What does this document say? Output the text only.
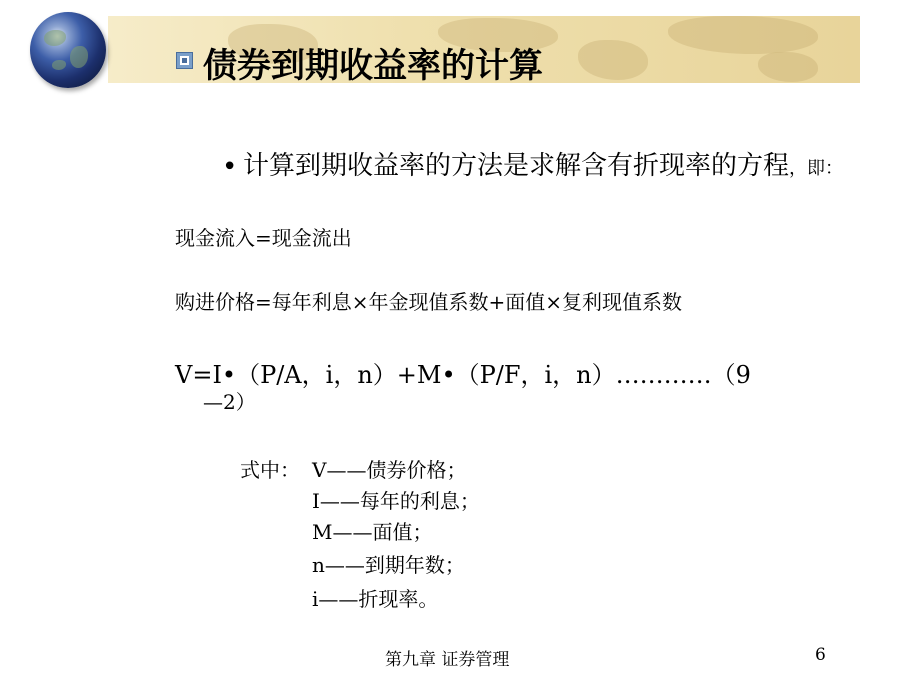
债券到期收益率的计算
• 计算到期收益率的方法是求解含有折现率的方程，即：
现金流入=现金流出
购进价格=每年利息×年金现值系数+面值×复利现值系数
V=I•（P/A，i，n）+M•（P/F，i，n）…………（9
—2）
式中： V——债券价格；
I——每年的利息；
M——面值；
n——到期年数；
i——折现率。
第九章 证券管理	6
